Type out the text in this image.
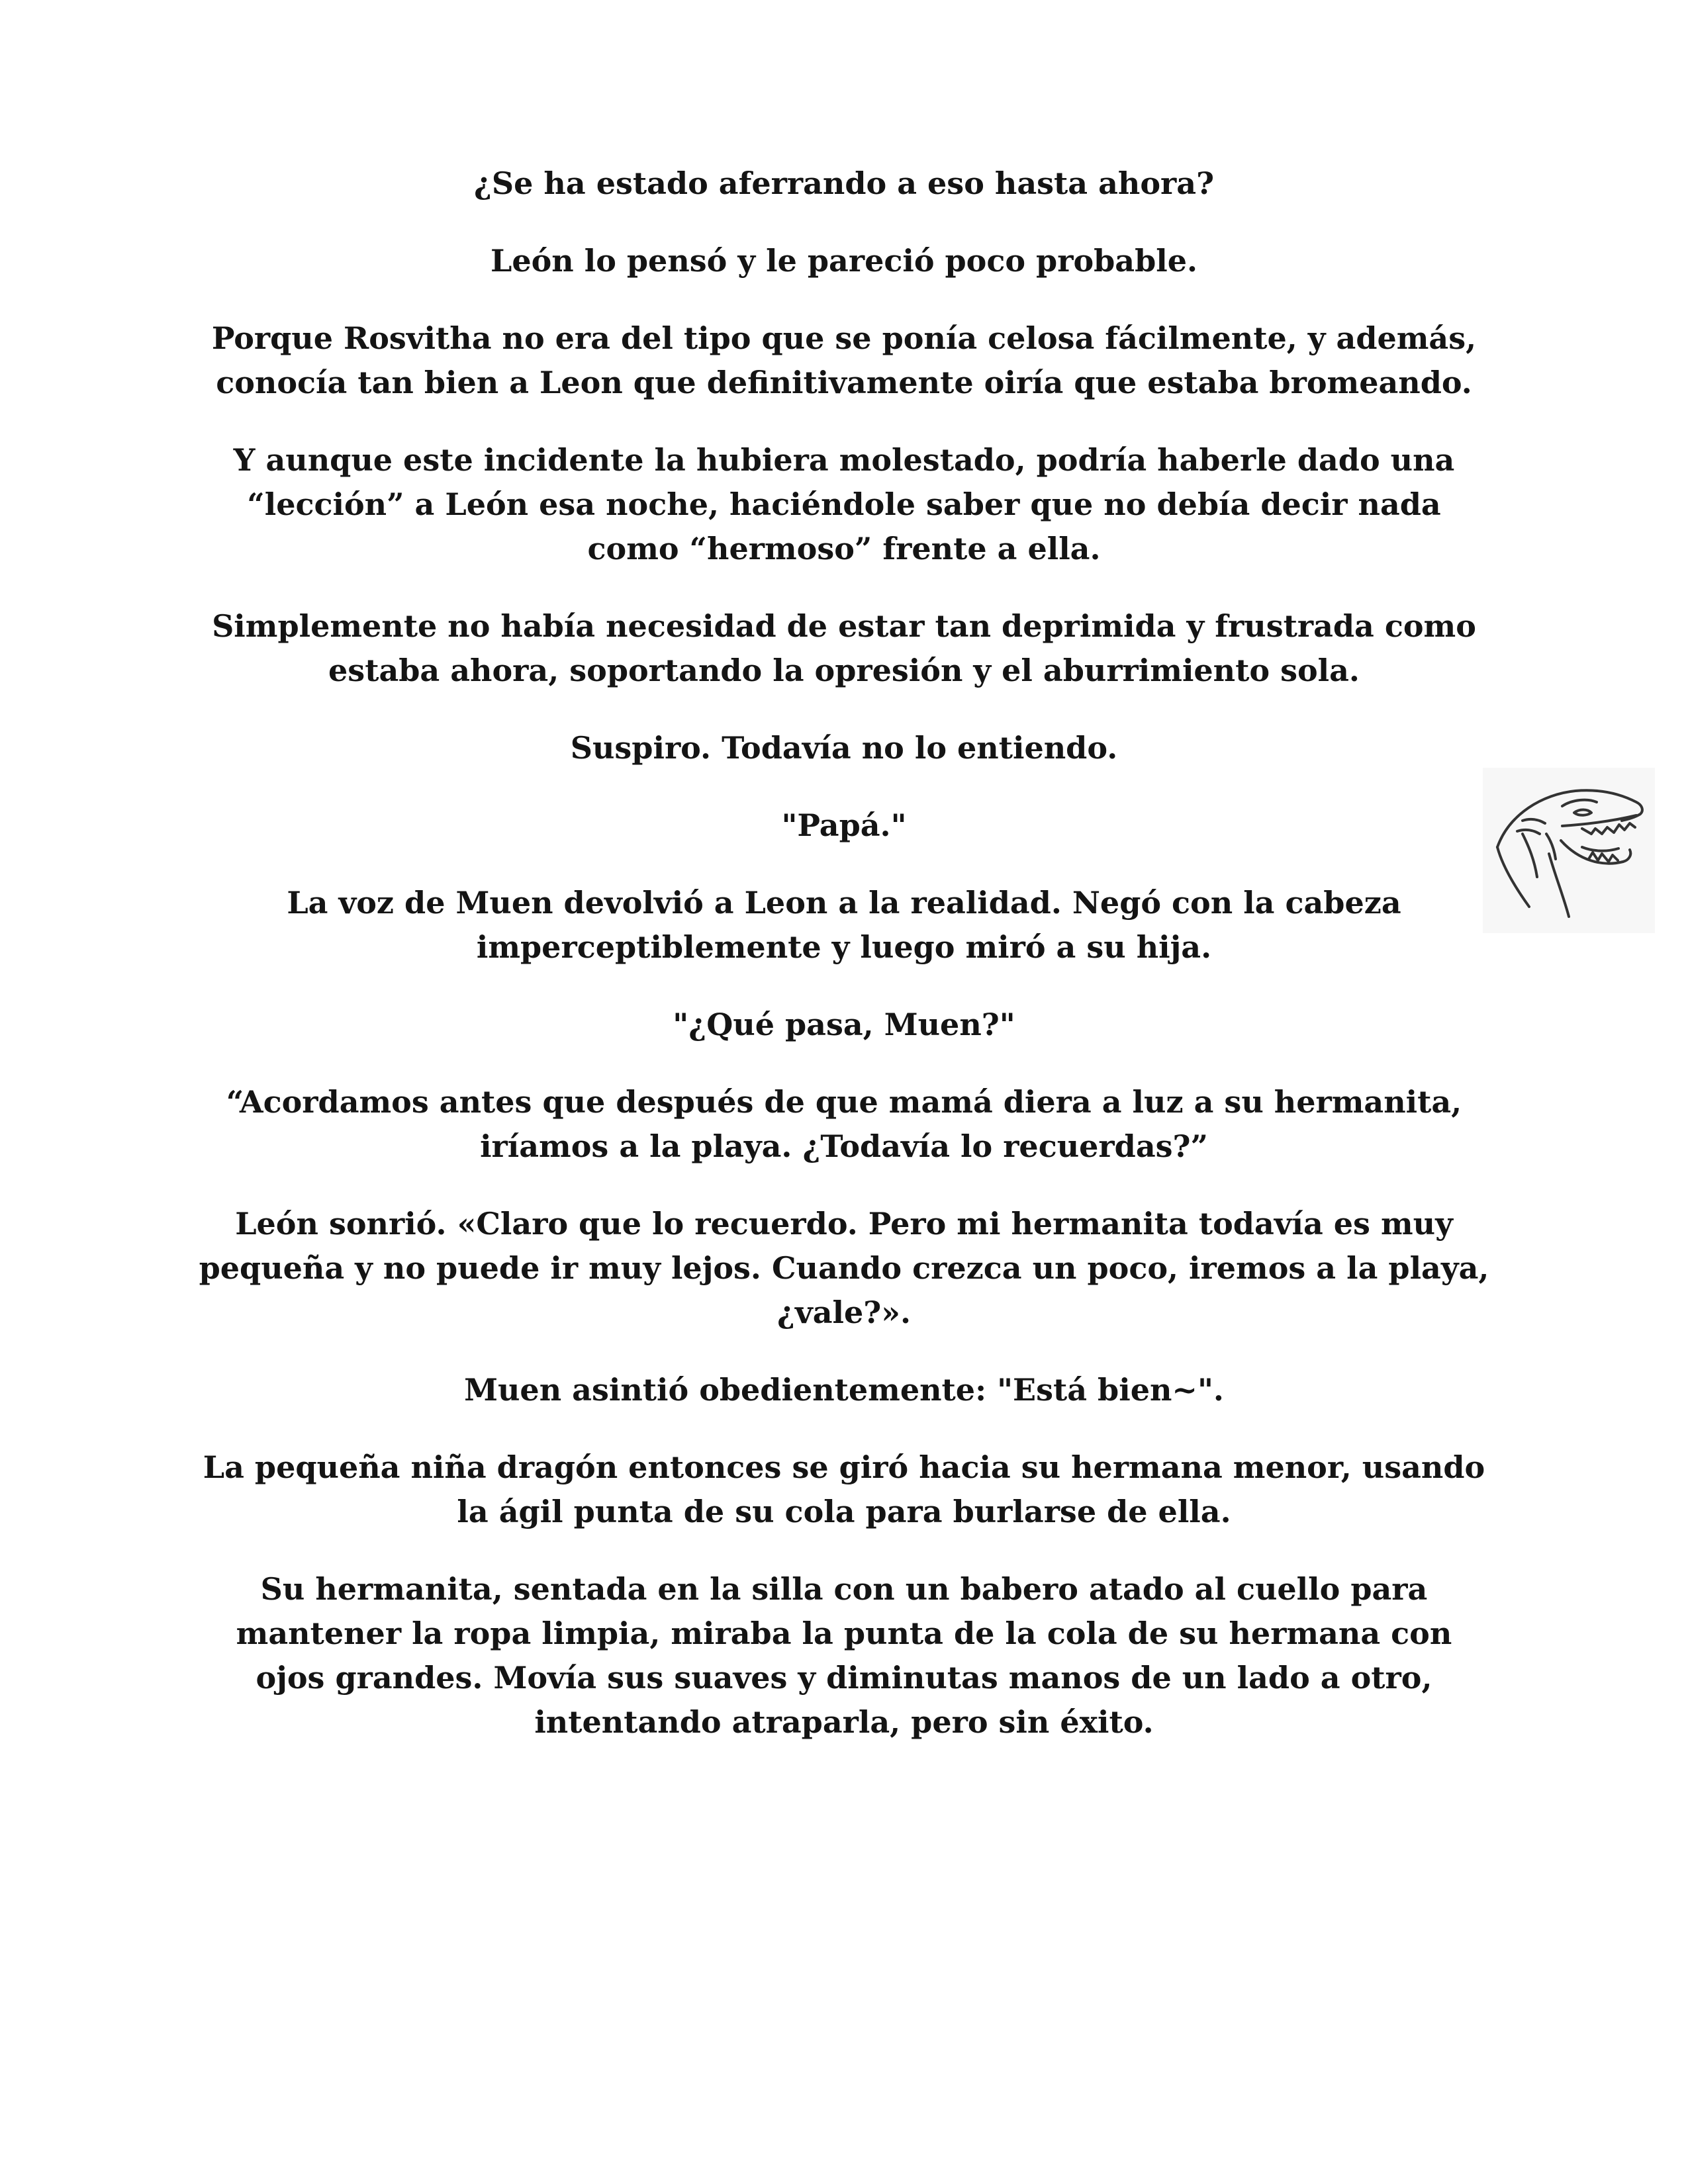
¿Se ha estado aferrando a eso hasta ahora?

León lo pensó y le pareció poco probable.

Porque Rosvitha no era del tipo que se ponía celosa fácilmente, y además, conocía tan bien a Leon que definitivamente oiría que estaba bromeando.

Y aunque este incidente la hubiera molestado, podría haberle dado una “lección” a León esa noche, haciéndole saber que no debía decir nada como “hermoso” frente a ella.

Simplemente no había necesidad de estar tan deprimida y frustrada como estaba ahora, soportando la opresión y el aburrimiento sola.

Suspiro. Todavía no lo entiendo.

"Papá."

La voz de Muen devolvió a Leon a la realidad. Negó con la cabeza imperceptiblemente y luego miró a su hija.

"¿Qué pasa, Muen?"

“Acordamos antes que después de que mamá diera a luz a su hermanita, iríamos a la playa. ¿Todavía lo recuerdas?”

León sonrió. «Claro que lo recuerdo. Pero mi hermanita todavía es muy pequeña y no puede ir muy lejos. Cuando crezca un poco, iremos a la playa, ¿vale?».

Muen asintió obedientemente: "Está bien~".

La pequeña niña dragón entonces se giró hacia su hermana menor, usando la ágil punta de su cola para burlarse de ella.

Su hermanita, sentada en la silla con un babero atado al cuello para mantener la ropa limpia, miraba la punta de la cola de su hermana con ojos grandes. Movía sus suaves y diminutas manos de un lado a otro, intentando atraparla, pero sin éxito.
